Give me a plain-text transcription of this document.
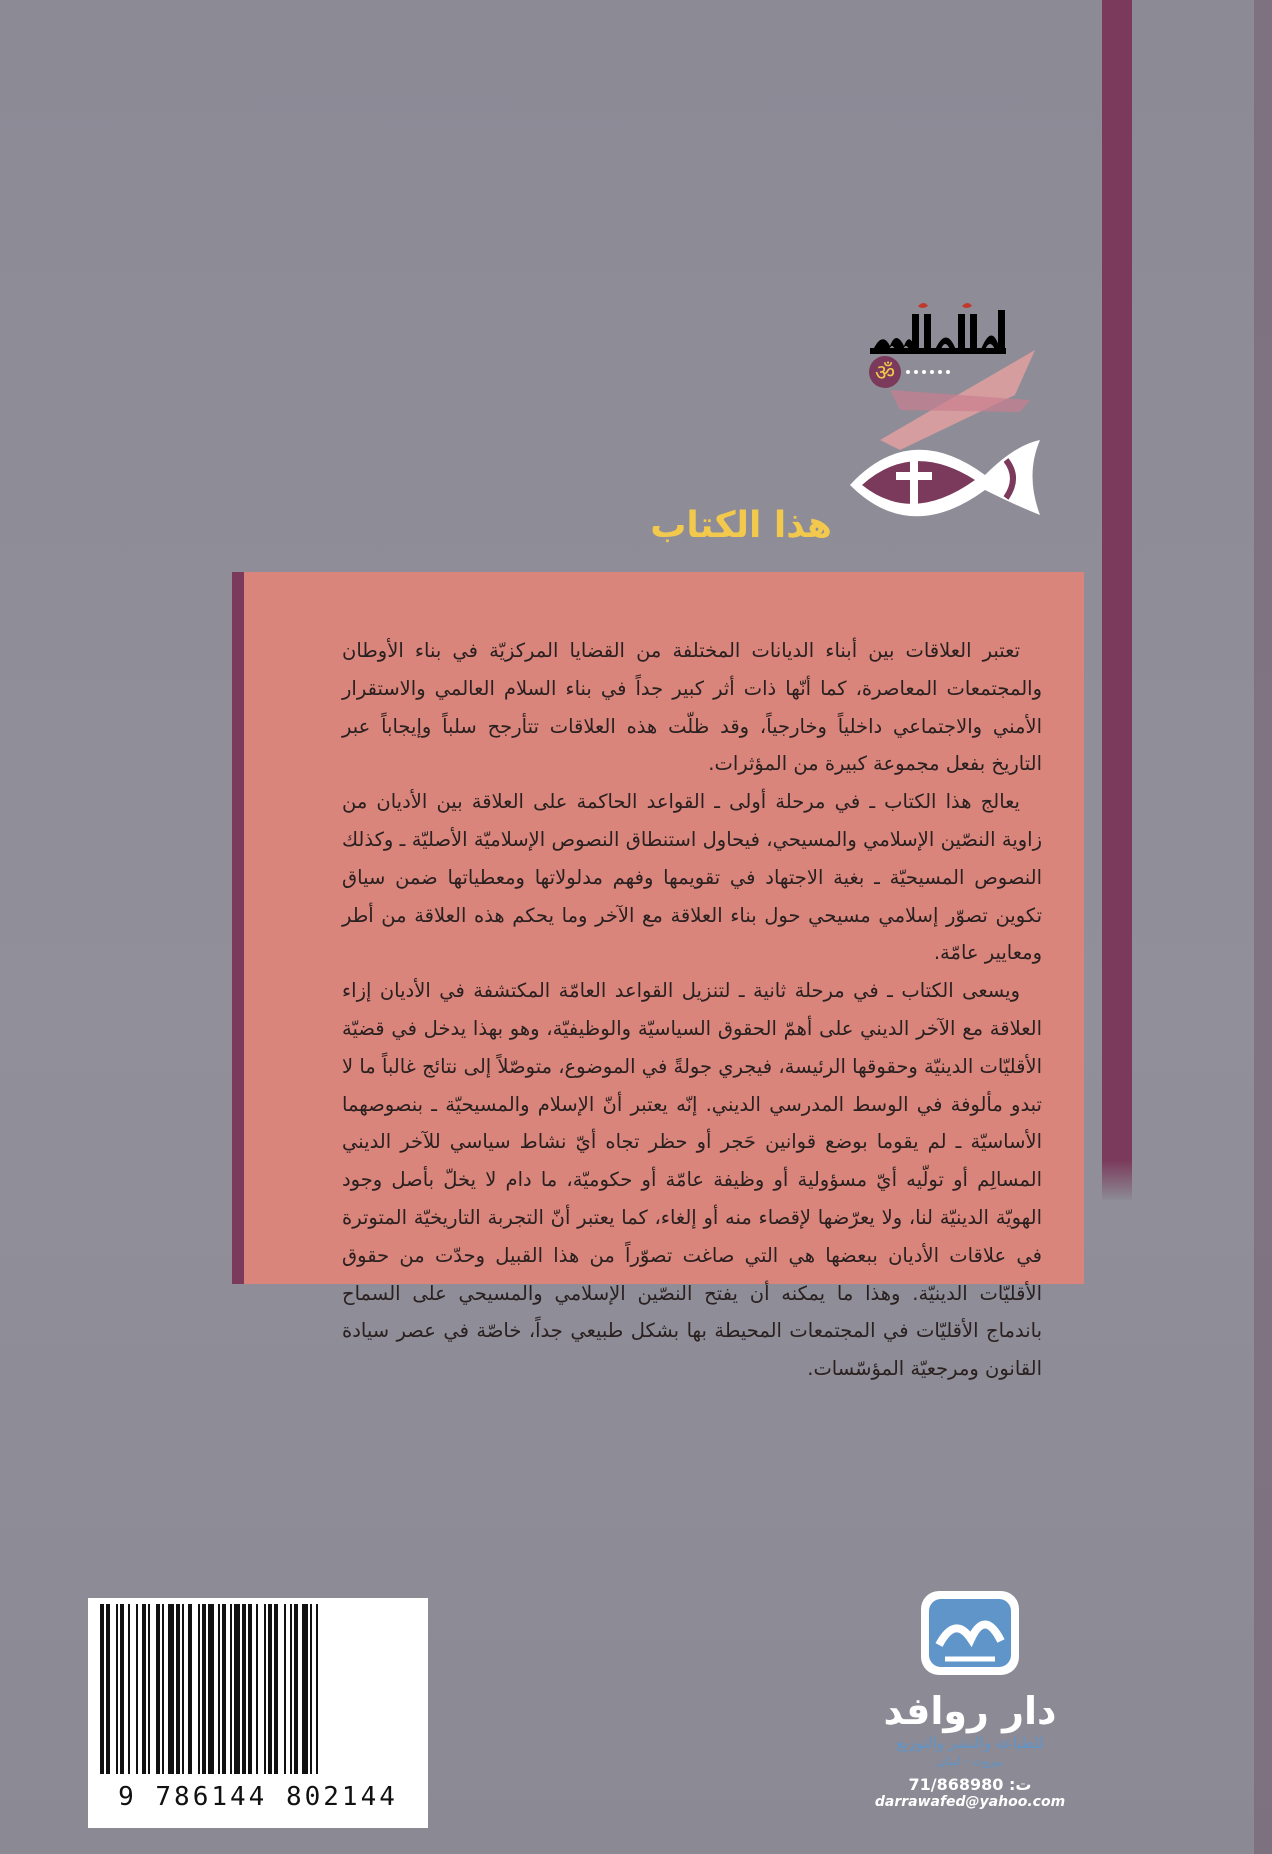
ॐ
هذا الكتاب

تعتبر العلاقات بين أبناء الديانات المختلفة من القضايا المركزيّة في بناء الأوطان والمجتمعات المعاصرة، كما أنّها ذات أثر كبير جداً في بناء السلام العالمي والاستقرار الأمني والاجتماعي داخلياً وخارجياً، وقد ظلّت هذه العلاقات تتأرجح سلباً وإيجاباً عبر التاريخ بفعل مجموعة كبيرة من المؤثرات.

يعالج هذا الكتاب ـ في مرحلة أولى ـ القواعد الحاكمة على العلاقة بين الأديان من زاوية النصّين الإسلامي والمسيحي، فيحاول استنطاق النصوص الإسلاميّة الأصليّة ـ وكذلك النصوص المسيحيّة ـ بغية الاجتهاد في تقويمها وفهم مدلولاتها ومعطياتها ضمن سياق تكوين تصوّر إسلامي مسيحي حول بناء العلاقة مع الآخر وما يحكم هذه العلاقة من أطر ومعايير عامّة.

ويسعى الكتاب ـ في مرحلة ثانية ـ لتنزيل القواعد العامّة المكتشفة في الأديان إزاء العلاقة مع الآخر الديني على أهمّ الحقوق السياسيّة والوظيفيّة، وهو بهذا يدخل في قضيّة الأقليّات الدينيّة وحقوقها الرئيسة، فيجري جولةً في الموضوع، متوصّلاً إلى نتائج غالباً ما لا تبدو مألوفة في الوسط المدرسي الديني. إنّه يعتبر أنّ الإسلام والمسيحيّة ـ بنصوصهما الأساسيّة ـ لم يقوما بوضع قوانين حَجر أو حظر تجاه أيّ نشاط سياسي للآخر الديني المسالِم أو تولّيه أيّ مسؤولية أو وظيفة عامّة أو حكوميّة، ما دام لا يخلّ بأصل وجود الهويّة الدينيّة لنا، ولا يعرّضها لإقصاء منه أو إلغاء، كما يعتبر أنّ التجربة التاريخيّة المتوترة في علاقات الأديان ببعضها هي التي صاغت تصوّراً من هذا القبيل وحدّت من حقوق الأقليّات الدينيّة. وهذا ما يمكنه أن يفتح النصّين الإسلامي والمسيحي على السماح باندماج الأقليّات في المجتمعات المحيطة بها بشكل طبيعي جداً، خاصّة في عصر سيادة القانون ومرجعيّة المؤسّسات.

9 786144 802144
دار روافد
للطباعة والنشر والتوزيع
بيروت - لبنان
ت: 71/868980
darrawafed@yahoo.com
